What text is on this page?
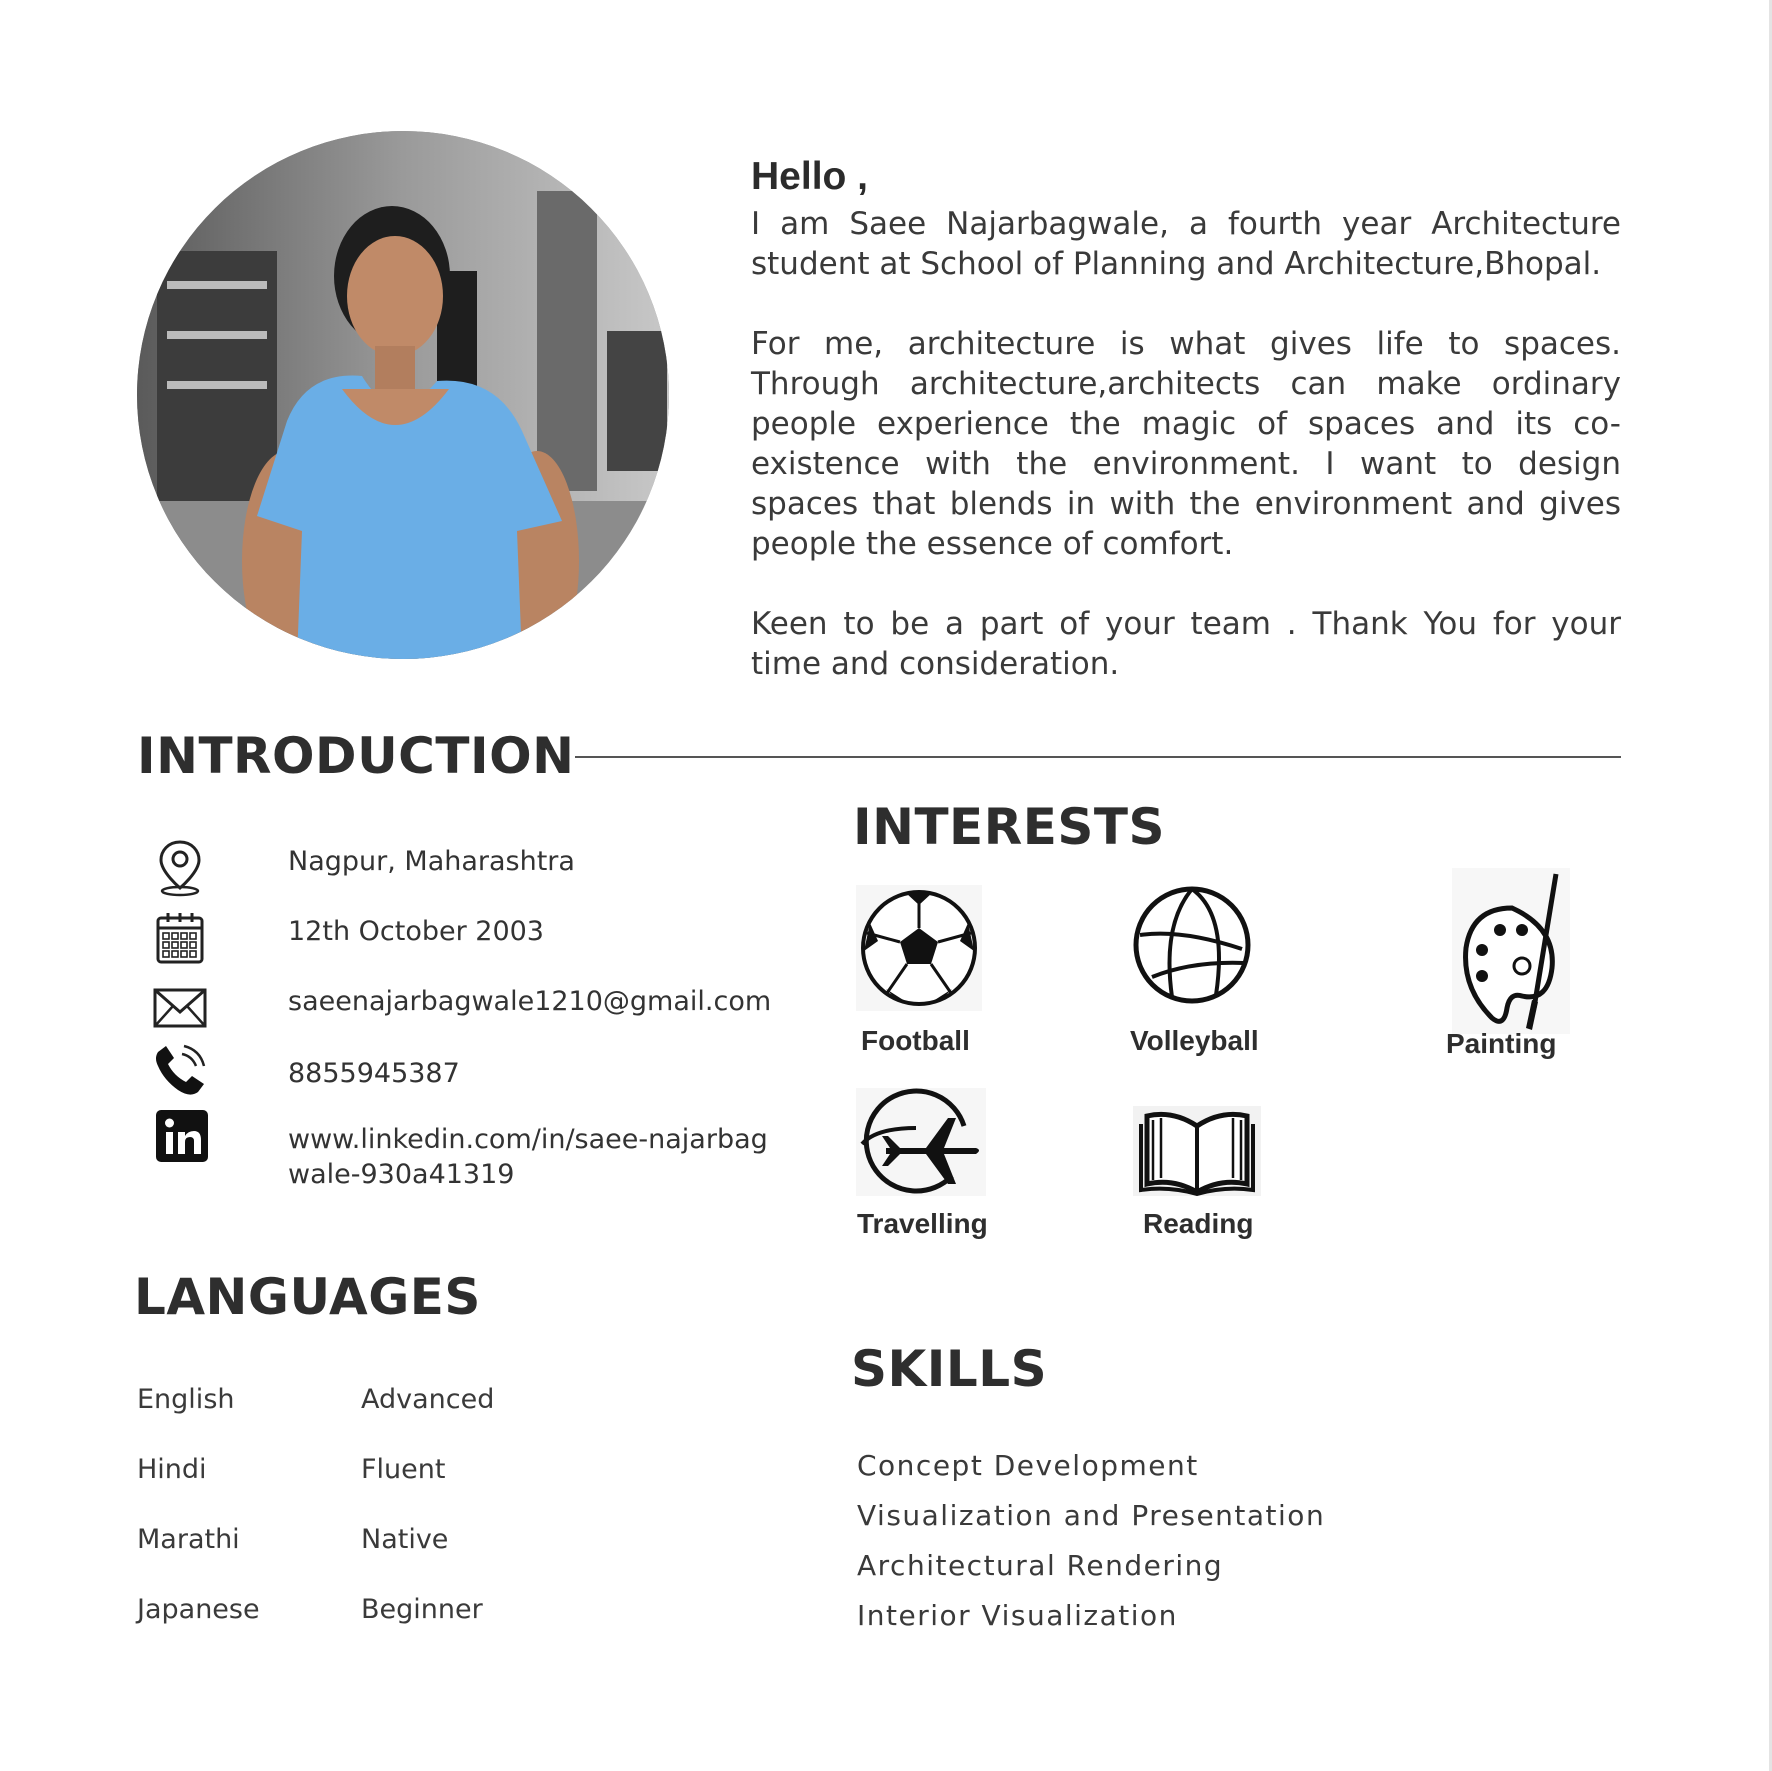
Hello ,

I am Saee Najarbagwale, a fourth year Architecture student at School of Planning and Architecture,Bhopal.

For me, architecture is what gives life to spaces. Through architecture,architects can make ordinary people experience the magic of spaces and its co-existence with the environment. I want to design spaces that blends in with the environment and gives people the essence of comfort.

Keen to be a part of your team . Thank You for your time and consideration.

INTRODUCTION
Nagpur, Maharashtra
12th October 2003
saeenajarbagwale1210@gmail.com
8855945387
www.linkedin.com/in/saee-najarbag
wale-930a41319
INTERESTS
Football	Volleyball	Painting
Travelling	Reading
LANGUAGES
English	Advanced
Hindi	Fluent
Marathi	Native
Japanese	Beginner
SKILLS
Concept Development
Visualization and Presentation
Architectural Rendering
Interior Visualization
